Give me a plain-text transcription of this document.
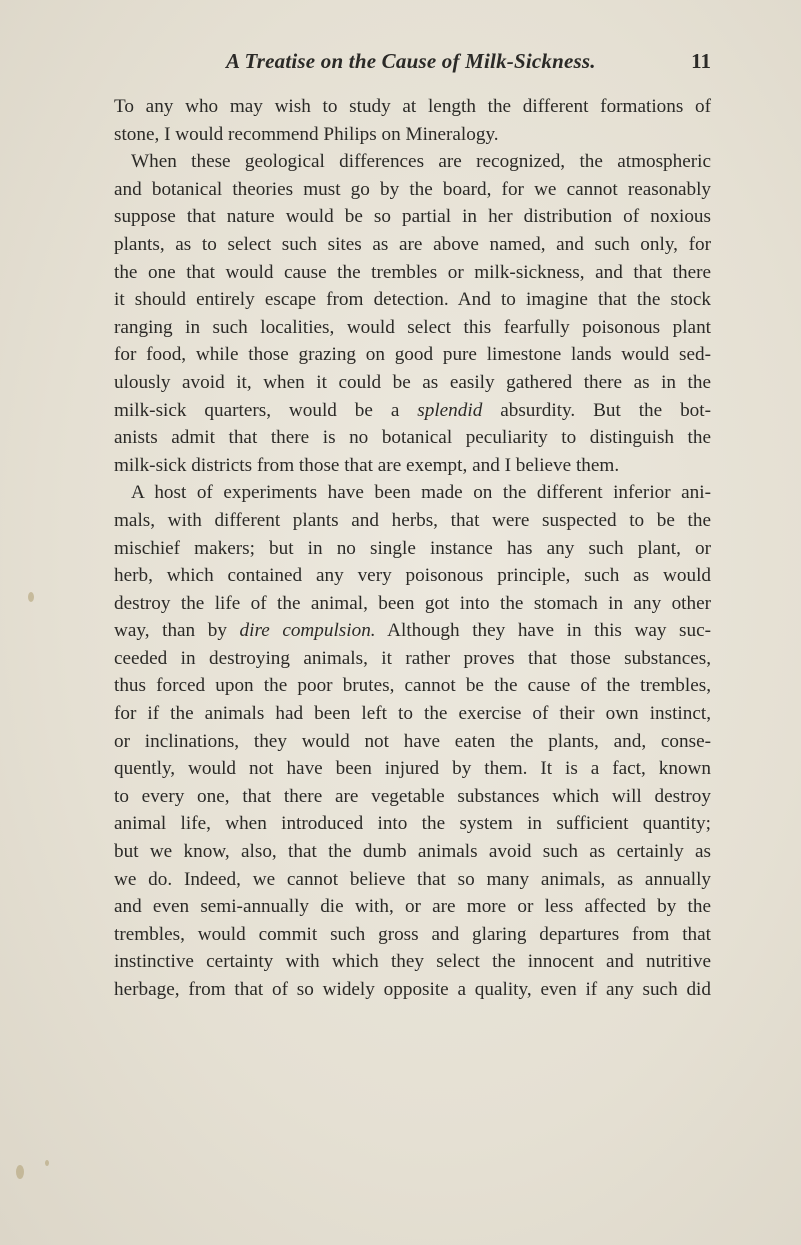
A Treatise on the Cause of Milk-Sickness.	11
To any who may wish to study at length the different formations of
stone, I would recommend Philips on Mineralogy.
When these geological differences are recognized, the atmospheric
and botanical theories must go by the board, for we cannot reasonably
suppose that nature would be so partial in her distribution of noxious
plants, as to select such sites as are above named, and such only, for
the one that would cause the trembles or milk-sickness, and that there
it should entirely escape from detection. And to imagine that the stock
ranging in such localities, would select this fearfully poisonous plant
for food, while those grazing on good pure limestone lands would sed-
ulously avoid it, when it could be as easily gathered there as in the
milk-sick quarters, would be a splendid absurdity. But the bot-
anists admit that there is no botanical peculiarity to distinguish the
milk-sick districts from those that are exempt, and I believe them.
A host of experiments have been made on the different inferior ani-
mals, with different plants and herbs, that were suspected to be the
mischief makers; but in no single instance has any such plant, or
herb, which contained any very poisonous principle, such as would
destroy the life of the animal, been got into the stomach in any other
way, than by dire compulsion. Although they have in this way suc-
ceeded in destroying animals, it rather proves that those substances,
thus forced upon the poor brutes, cannot be the cause of the trembles,
for if the animals had been left to the exercise of their own instinct,
or inclinations, they would not have eaten the plants, and, conse-
quently, would not have been injured by them. It is a fact, known
to every one, that there are vegetable substances which will destroy
animal life, when introduced into the system in sufficient quantity;
but we know, also, that the dumb animals avoid such as certainly as
we do. Indeed, we cannot believe that so many animals, as annually
and even semi-annually die with, or are more or less affected by the
trembles, would commit such gross and glaring departures from that
instinctive certainty with which they select the innocent and nutritive
herbage, from that of so widely opposite a quality, even if any such did
